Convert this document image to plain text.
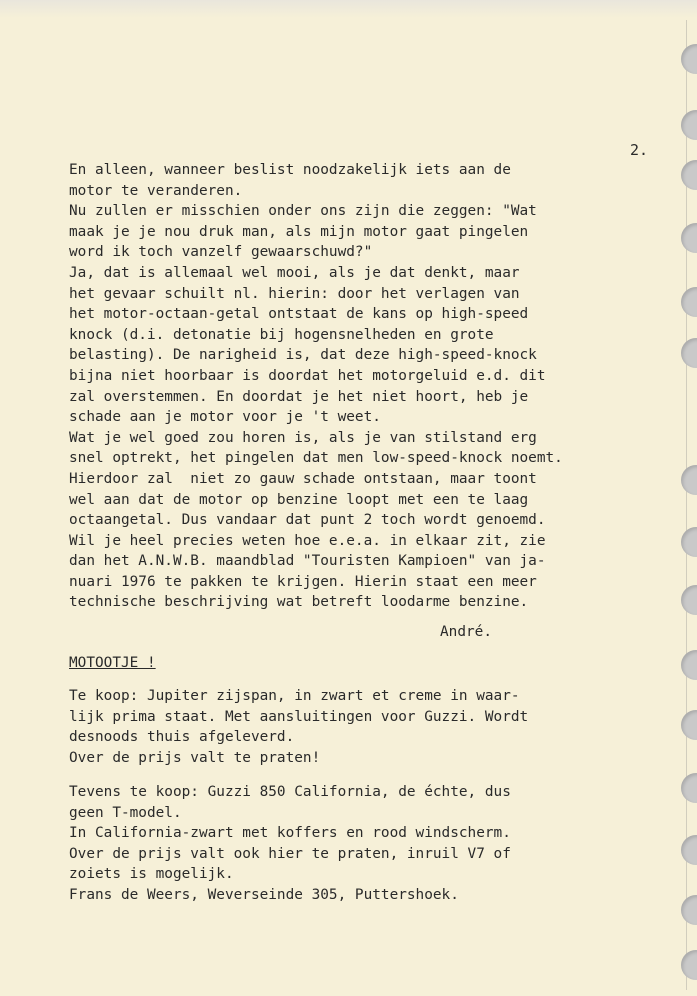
2.
En alleen, wanneer beslist noodzakelijk iets aan de
motor te veranderen.
Nu zullen er misschien onder ons zijn die zeggen: "Wat
maak je je nou druk man, als mijn motor gaat pingelen
word ik toch vanzelf gewaarschuwd?"
Ja, dat is allemaal wel mooi, als je dat denkt, maar
het gevaar schuilt nl. hierin: door het verlagen van
het motor-octaan-getal ontstaat de kans op high-speed
knock (d.i. detonatie bij hogensnelheden en grote
belasting). De narigheid is, dat deze high-speed-knock
bijna niet hoorbaar is doordat het motorgeluid e.d. dit
zal overstemmen. En doordat je het niet hoort, heb je
schade aan je motor voor je 't weet.
Wat je wel goed zou horen is, als je van stilstand erg
snel optrekt, het pingelen dat men low-speed-knock noemt.
Hierdoor zal  niet zo gauw schade ontstaan, maar toont
wel aan dat de motor op benzine loopt met een te laag
octaangetal. Dus vandaar dat punt 2 toch wordt genoemd.
Wil je heel precies weten hoe e.e.a. in elkaar zit, zie
dan het A.N.W.B. maandblad "Touristen Kampioen" van ja-
nuari 1976 te pakken te krijgen. Hierin staat een meer
technische beschrijving wat betreft loodarme benzine.
André.
MOTOOTJE !
Te koop: Jupiter zijspan, in zwart et creme in waar-
lijk prima staat. Met aansluitingen voor Guzzi. Wordt
desnoods thuis afgeleverd.
Over de prijs valt te praten!
Tevens te koop: Guzzi 850 California, de échte, dus
geen T-model.
In California-zwart met koffers en rood windscherm.
Over de prijs valt ook hier te praten, inruil V7 of
zoiets is mogelijk.
Frans de Weers, Weverseinde 305, Puttershoek.
